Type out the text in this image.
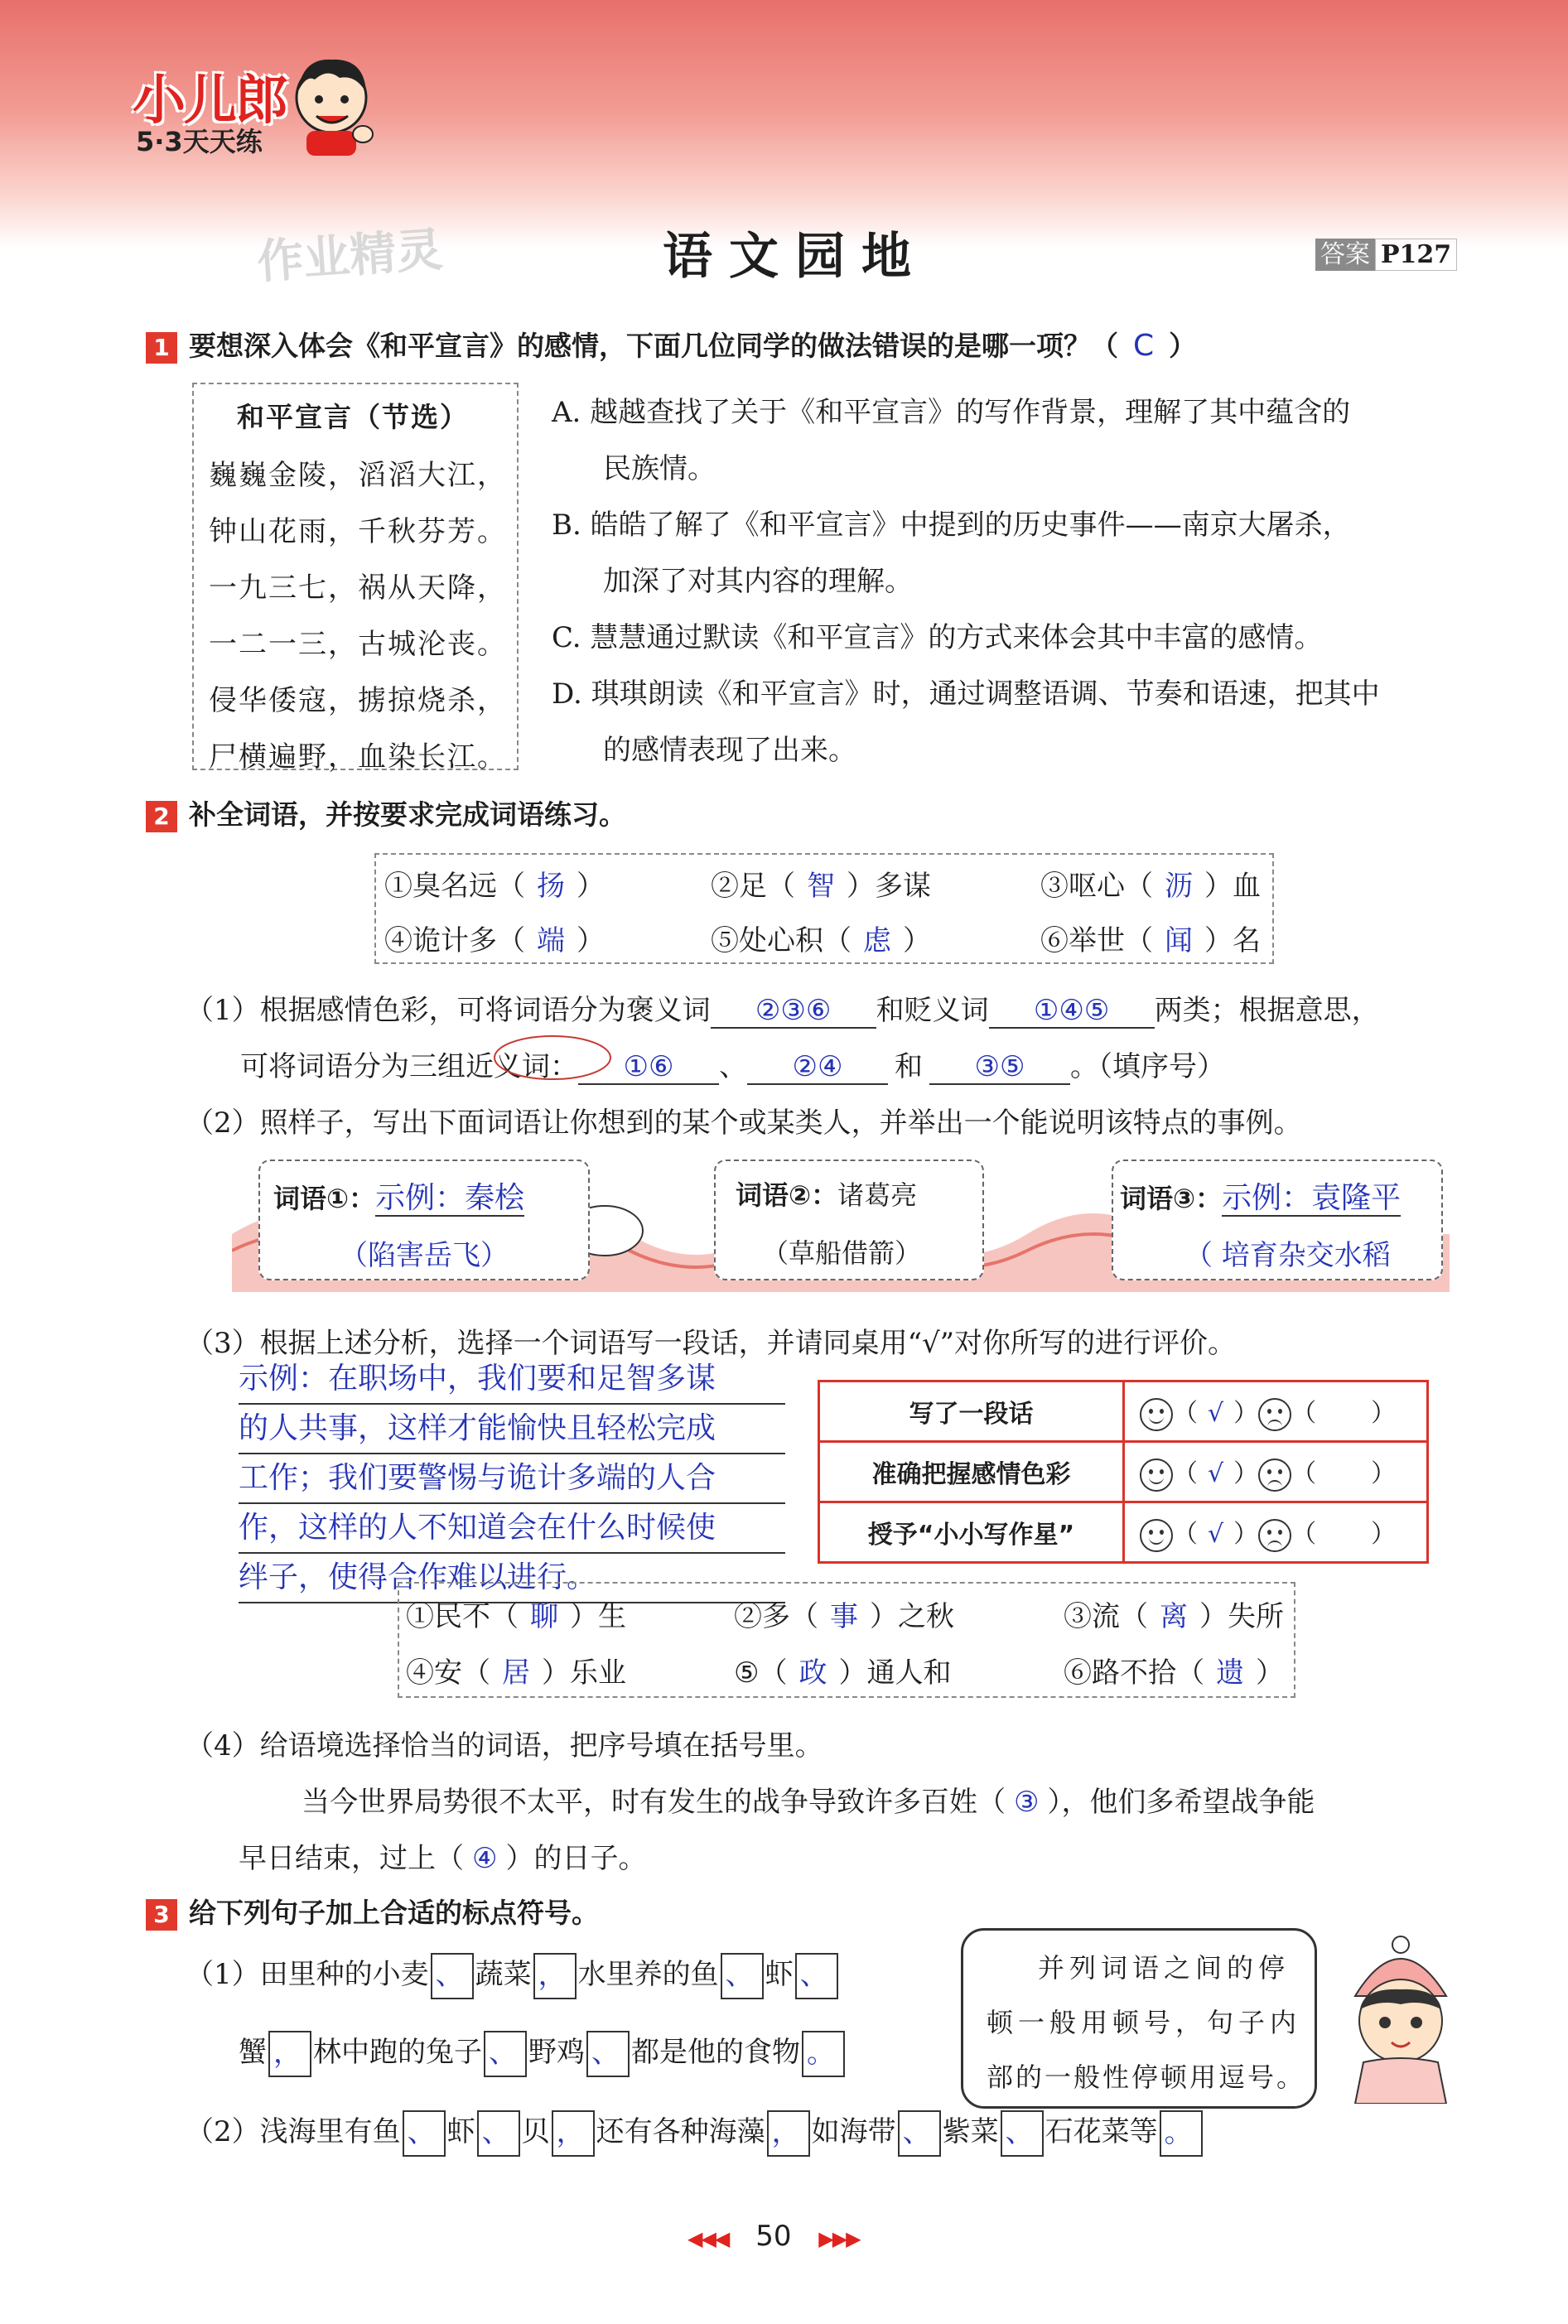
小儿郎
5·3天天练
作业精灵	语文园地	答案 P127
1 要想深入体会《和平宣言》的感情，下面几位同学的做法错误的是哪一项？（ C ）
和平宣言（节选）
巍巍金陵，滔滔大江，
钟山花雨，千秋芬芳。
一九三七，祸从天降，
一二一三，古城沦丧。
侵华倭寇，掳掠烧杀，
尸横遍野，血染长江。
A. 越越查找了关于《和平宣言》的写作背景，理解了其中蕴含的
民族情。
B. 皓皓了解了《和平宣言》中提到的历史事件——南京大屠杀，
加深了对其内容的理解。
C. 慧慧通过默读《和平宣言》的方式来体会其中丰富的感情。
D. 琪琪朗读《和平宣言》时，通过调整语调、节奏和语速，把其中
的感情表现了出来。
2 补全词语，并按要求完成词语练习。
①臭名远（ 扬 ）	②足（ 智 ）多谋	③呕心（ 沥 ）血
④诡计多（ 端 ）	⑤处心积（ 虑 ）	⑥举世（ 闻 ）名
（1）根据感情色彩，可将词语分为褒义词 ②③⑥ 和贬义词 ①④⑤ 两类；根据意思，
可将词语分为三组近义词： ①⑥ 、 ②④ 和 ③⑤ 。（填序号）
（2）照样子，写出下面词语让你想到的某个或某类人，并举出一个能说明该特点的事例。
词语①：示例：秦桧
（陷害岳飞）
词语②：诸葛亮
（草船借箭）
词语③：示例：袁隆平
（ 培育杂交水稻
（3）根据上述分析，选择一个词语写一段话，并请同桌用“√”对你所写的进行评价。
示例：在职场中，我们要和足智多谋
的人共事，这样才能愉快且轻松完成
工作；我们要警惕与诡计多端的人合
作，这样的人不知道会在什么时候使
绊子，使得合作难以进行。
写了一段话	（ √ ） （ ）
准确把握感情色彩	（ √ ） （ ）
授予“小小写作星”	（ √ ） （ ）
①民不（ 聊 ）生	②多（ 事 ）之秋	③流（ 离 ）失所
④安（ 居 ）乐业	⑤（ 政 ）通人和	⑥路不拾（ 遗 ）
（4）给语境选择恰当的词语，把序号填在括号里。
当今世界局势很不太平，时有发生的战争导致许多百姓（ ③ ），他们多希望战争能
早日结束，过上（ ④ ）的日子。
3 给下列句子加上合适的标点符号。
（1）田里种的小麦 、 蔬菜 ， 水里养的鱼 、 虾 、
蟹 ， 林中跑的兔子 、 野鸡 、 都是他的食物 。
（2）浅海里有鱼 、 虾 、 贝 ， 还有各种海藻 ， 如海带 、 紫菜 、 石花菜等 。
并列词语之间的停
顿一般用顿号，句子内
部的一般性停顿用逗号。
◀◀◀ 50 ▶▶▶
